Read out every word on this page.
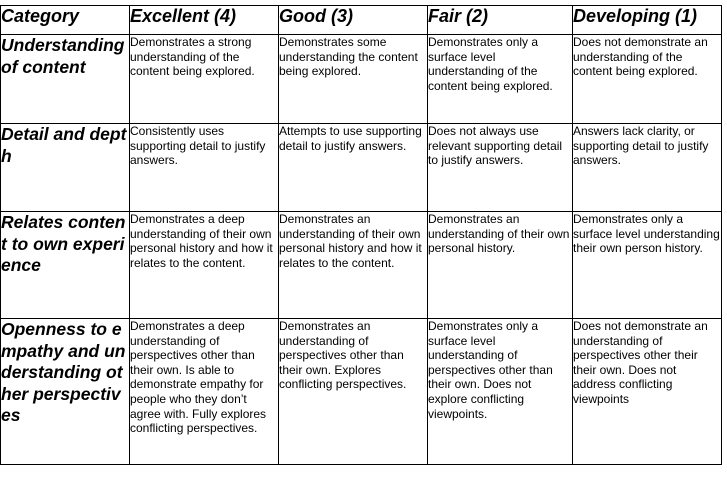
Category	Excellent (4)	Good (3)	Fair (2)	Developing (1)
Understanding of content	Demonstrates a strong understanding of the content being explored.	Demonstrates some understanding the content being explored.	Demonstrates only a surface level understanding of the content being explored.	Does not demonstrate an understanding of the content being explored.
Detail and depth	Consistently uses supporting detail to justify answers.	Attempts to use supporting detail to justify answers.	Does not always use relevant supporting detail to justify answers.	Answers lack clarity, or supporting detail to justify answers.
Relates content to own experience	Demonstrates a deep understanding of their own personal history and how it relates to the content.	Demonstrates an understanding of their own personal history and how it relates to the content.	Demonstrates an understanding of their own personal history.	Demonstrates only a surface level understanding their own person history.
Openness to empathy and understanding other perspectives	Demonstrates a deep understanding of perspectives other than their own. Is able to demonstrate empathy for people who they don’t agree with. Fully explores conflicting perspectives.	Demonstrates an understanding of perspectives other than their own. Explores conflicting perspectives.	Demonstrates only a surface level understanding of perspectives other than their own. Does not explore conflicting viewpoints.	Does not demonstrate an understanding of perspectives other their their own. Does not address conflicting viewpoints
